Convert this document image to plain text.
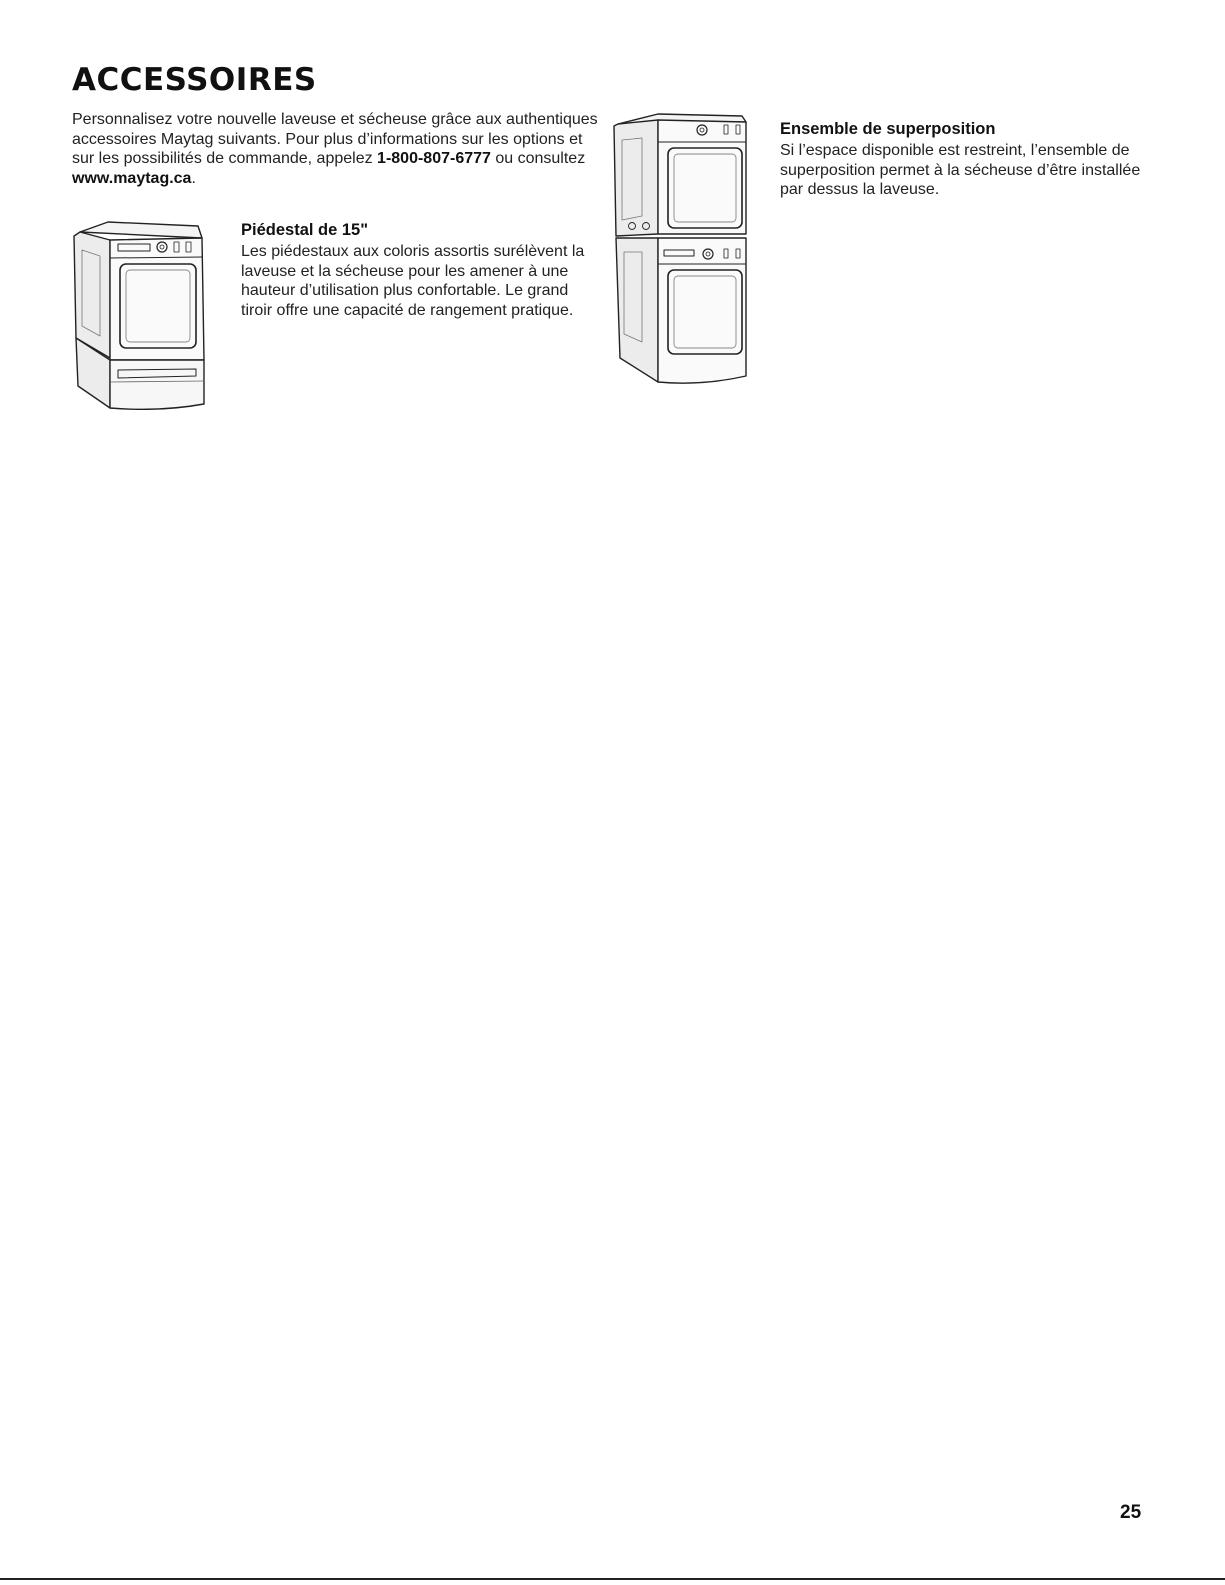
ACCESSOIRES

Personnalisez votre nouvelle laveuse et sécheuse grâce aux authentiques accessoires Maytag suivants. Pour plus d’informations sur les options et sur les possibilités de commande, appelez 1-800-807-6777 ou consultez www.maytag.ca.

Piédestal de 15"

Les piédestaux aux coloris assortis surélèvent la laveuse et la sécheuse pour les amener à une hauteur d’utilisation plus confortable. Le grand tiroir offre une capacité de rangement pratique.

Ensemble de superposition

Si l’espace disponible est restreint, l’ensemble de superposition permet à la sécheuse d’être installée par dessus la laveuse.

25
